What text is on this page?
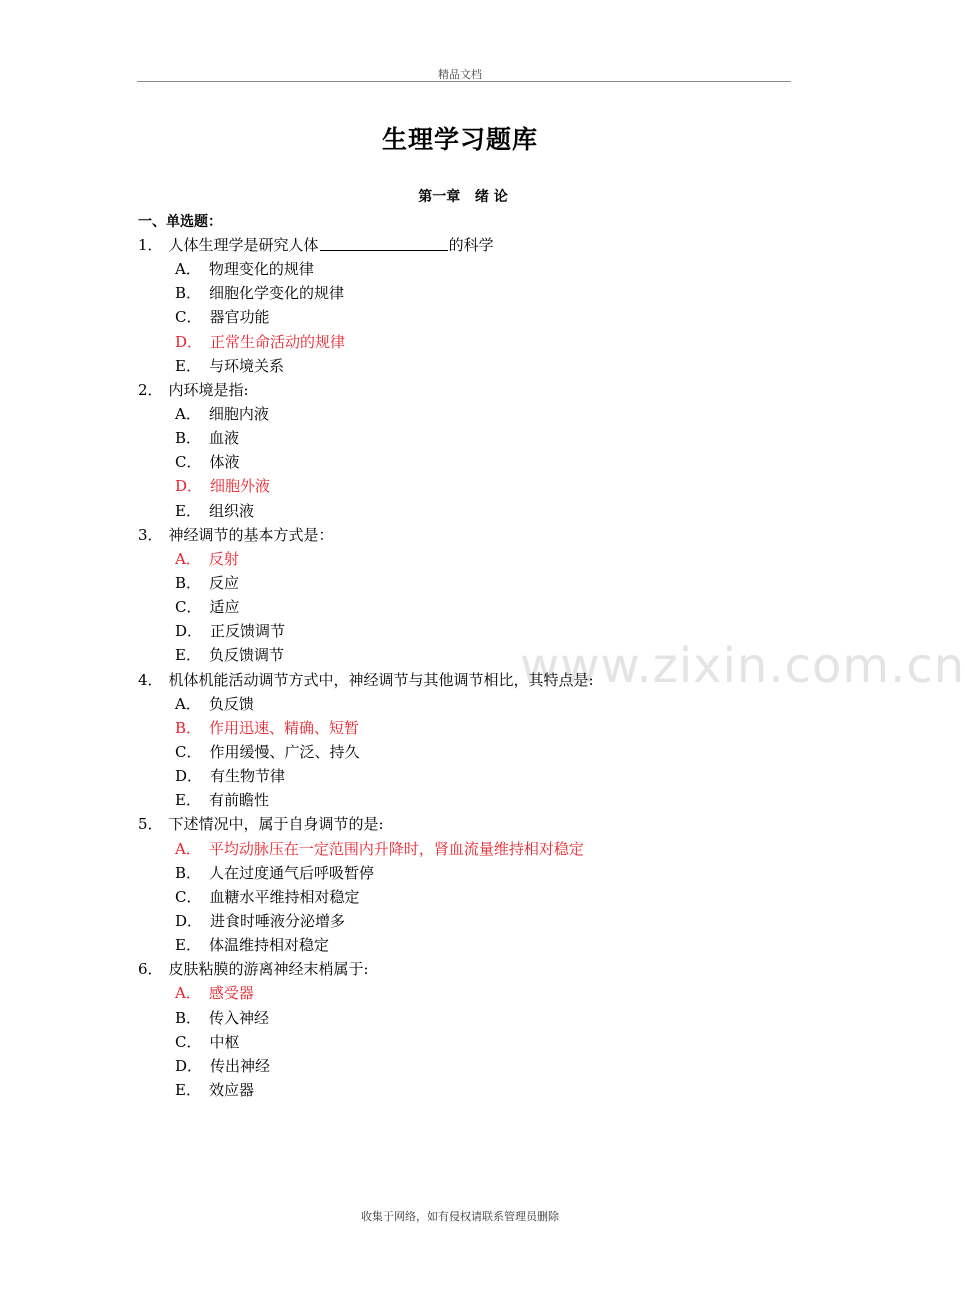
精品文档
www.zixin.com.cn
生理学习题库
第一章   绪 论
一、单选题：
1． 人体生理学是研究人体	的科学
A． 物理变化的规律
B． 细胞化学变化的规律
C． 器官功能
D． 正常生命活动的规律
E． 与环境关系
2． 内环境是指:
A． 细胞内液
B． 血液
C． 体液
D． 细胞外液
E． 组织液
3． 神经调节的基本方式是：
A． 反射
B． 反应
C． 适应
D． 正反馈调节
E． 负反馈调节
4． 机体机能活动调节方式中，神经调节与其他调节相比，其特点是:
A． 负反馈
B． 作用迅速、精确、短暂
C． 作用缓慢、广泛、持久
D． 有生物节律
E． 有前瞻性
5． 下述情况中，属于自身调节的是:
A． 平均动脉压在一定范围内升降时，肾血流量维持相对稳定
B． 人在过度通气后呼吸暂停
C． 血糖水平维持相对稳定
D． 进食时唾液分泌增多
E． 体温维持相对稳定
6． 皮肤粘膜的游离神经末梢属于:
A． 感受器
B． 传入神经
C． 中枢
D． 传出神经
E． 效应器
收集于网络，如有侵权请联系管理员删除
